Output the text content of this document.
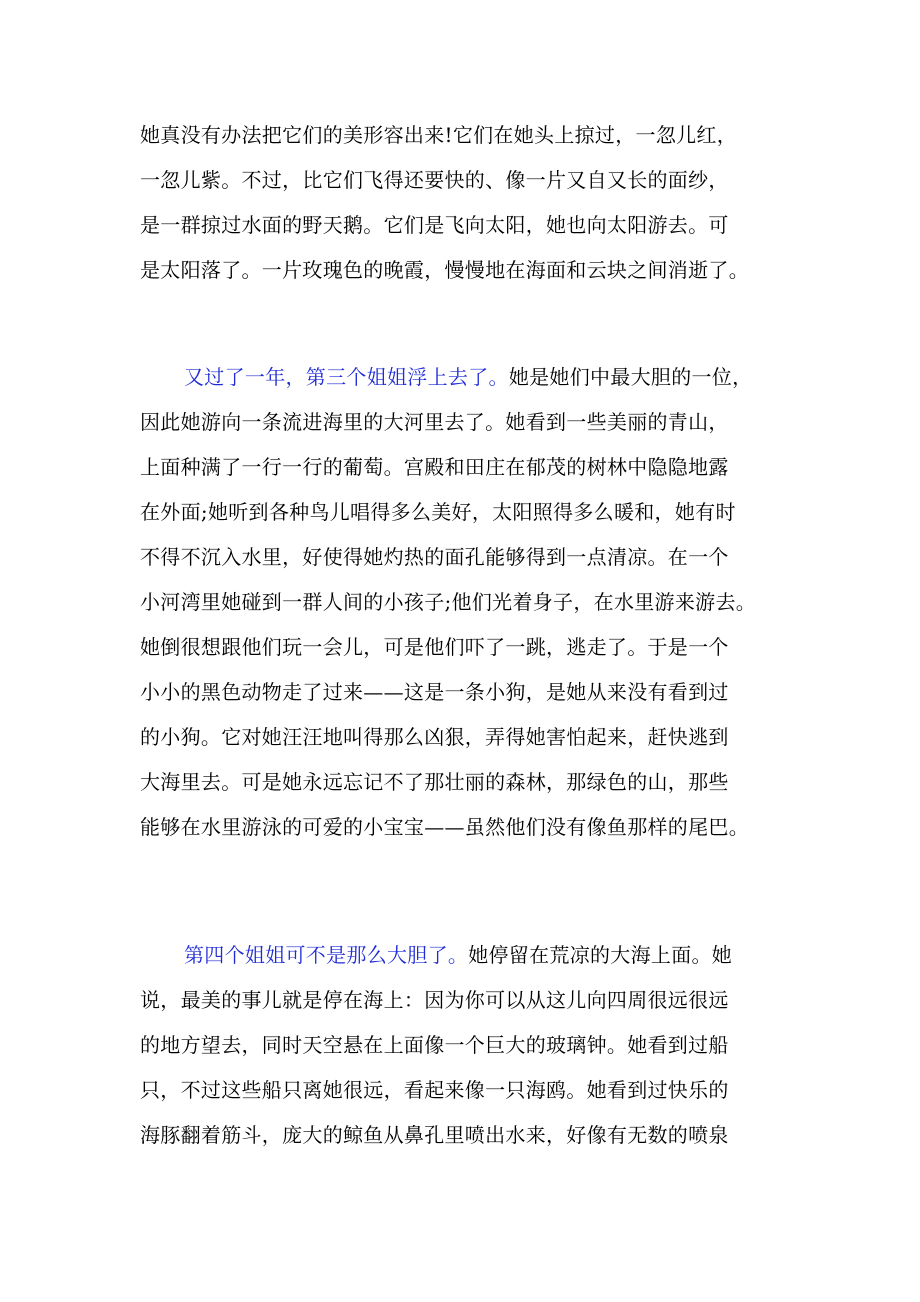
她真没有办法把它们的美形容出来!它们在她头上掠过，一忽儿红，
一忽儿紫。不过，比它们飞得还要快的、像一片又自又长的面纱，
是一群掠过水面的野天鹅。它们是飞向太阳，她也向太阳游去。可
是太阳落了。一片玫瑰色的晚霞，慢慢地在海面和云块之间消逝了。
又过了一年，第三个姐姐浮上去了。她是她们中最大胆的一位，
因此她游向一条流进海里的大河里去了。她看到一些美丽的青山，
上面种满了一行一行的葡萄。宫殿和田庄在郁茂的树林中隐隐地露
在外面;她听到各种鸟儿唱得多么美好，太阳照得多么暖和，她有时
不得不沉入水里，好使得她灼热的面孔能够得到一点清凉。在一个
小河湾里她碰到一群人间的小孩子;他们光着身子，在水里游来游去。
她倒很想跟他们玩一会儿，可是他们吓了一跳，逃走了。于是一个
小小的黑色动物走了过来——这是一条小狗，是她从来没有看到过
的小狗。它对她汪汪地叫得那么凶狠，弄得她害怕起来，赶快逃到
大海里去。可是她永远忘记不了那壮丽的森林，那绿色的山，那些
能够在水里游泳的可爱的小宝宝——虽然他们没有像鱼那样的尾巴。
第四个姐姐可不是那么大胆了。她停留在荒凉的大海上面。她
说，最美的事儿就是停在海上：因为你可以从这儿向四周很远很远
的地方望去，同时天空悬在上面像一个巨大的玻璃钟。她看到过船
只，不过这些船只离她很远，看起来像一只海鸥。她看到过快乐的
海豚翻着筋斗，庞大的鲸鱼从鼻孔里喷出水来，好像有无数的喷泉
